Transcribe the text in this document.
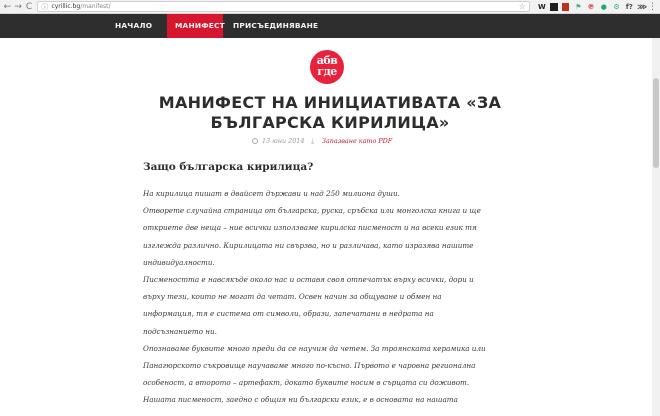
← → C ⓘ cyrillic.bg/manifest/	☆ W	⚑ ℗ ● ⚙ f? ⋙ ⋮
НАЧАЛО	МАНИФЕСТ ПРИСЪЕДИНЯВАНЕ
абв
где
МАНИФЕСТ НА ИНИЦИАТИВАТА «ЗА
БЪЛГАРСКА КИРИЛИЦА»
13 юни 2014 ⤓ Запазване като PDF
Защо българска кирилица?
На кирилица пишат в двайсет държави и над 250 милиона души.
Отворете случайна страница от българска, руска, сръбска или монголска книга и ще
откриете две неща – ние всички използваме кирилска писменост и на всеки език тя
изглежда различно. Кирилицата ни свързва, но и различава, като изразява нашите
индивидуалности.
Писмеността е навсякъде около нас и оставя своя отпечатък върху всички, дори и
върху тези, които не могат да четат. Освен начин за общуване и обмен на
информация, тя е система от символи, образи, запечатани в недрата на
подсъзнанието ни.
Опознаваме буквите много преди да се научим да четем. За троянската керамика или
Панагюрското съкровище научаваме много по-късно. Първото е чаровна регионална
особеност, а второто – артефакт, докато буквите носим в сърцата си доживот.
Нашата писменост, заедно с общия ни български език, е в основата на нашата
